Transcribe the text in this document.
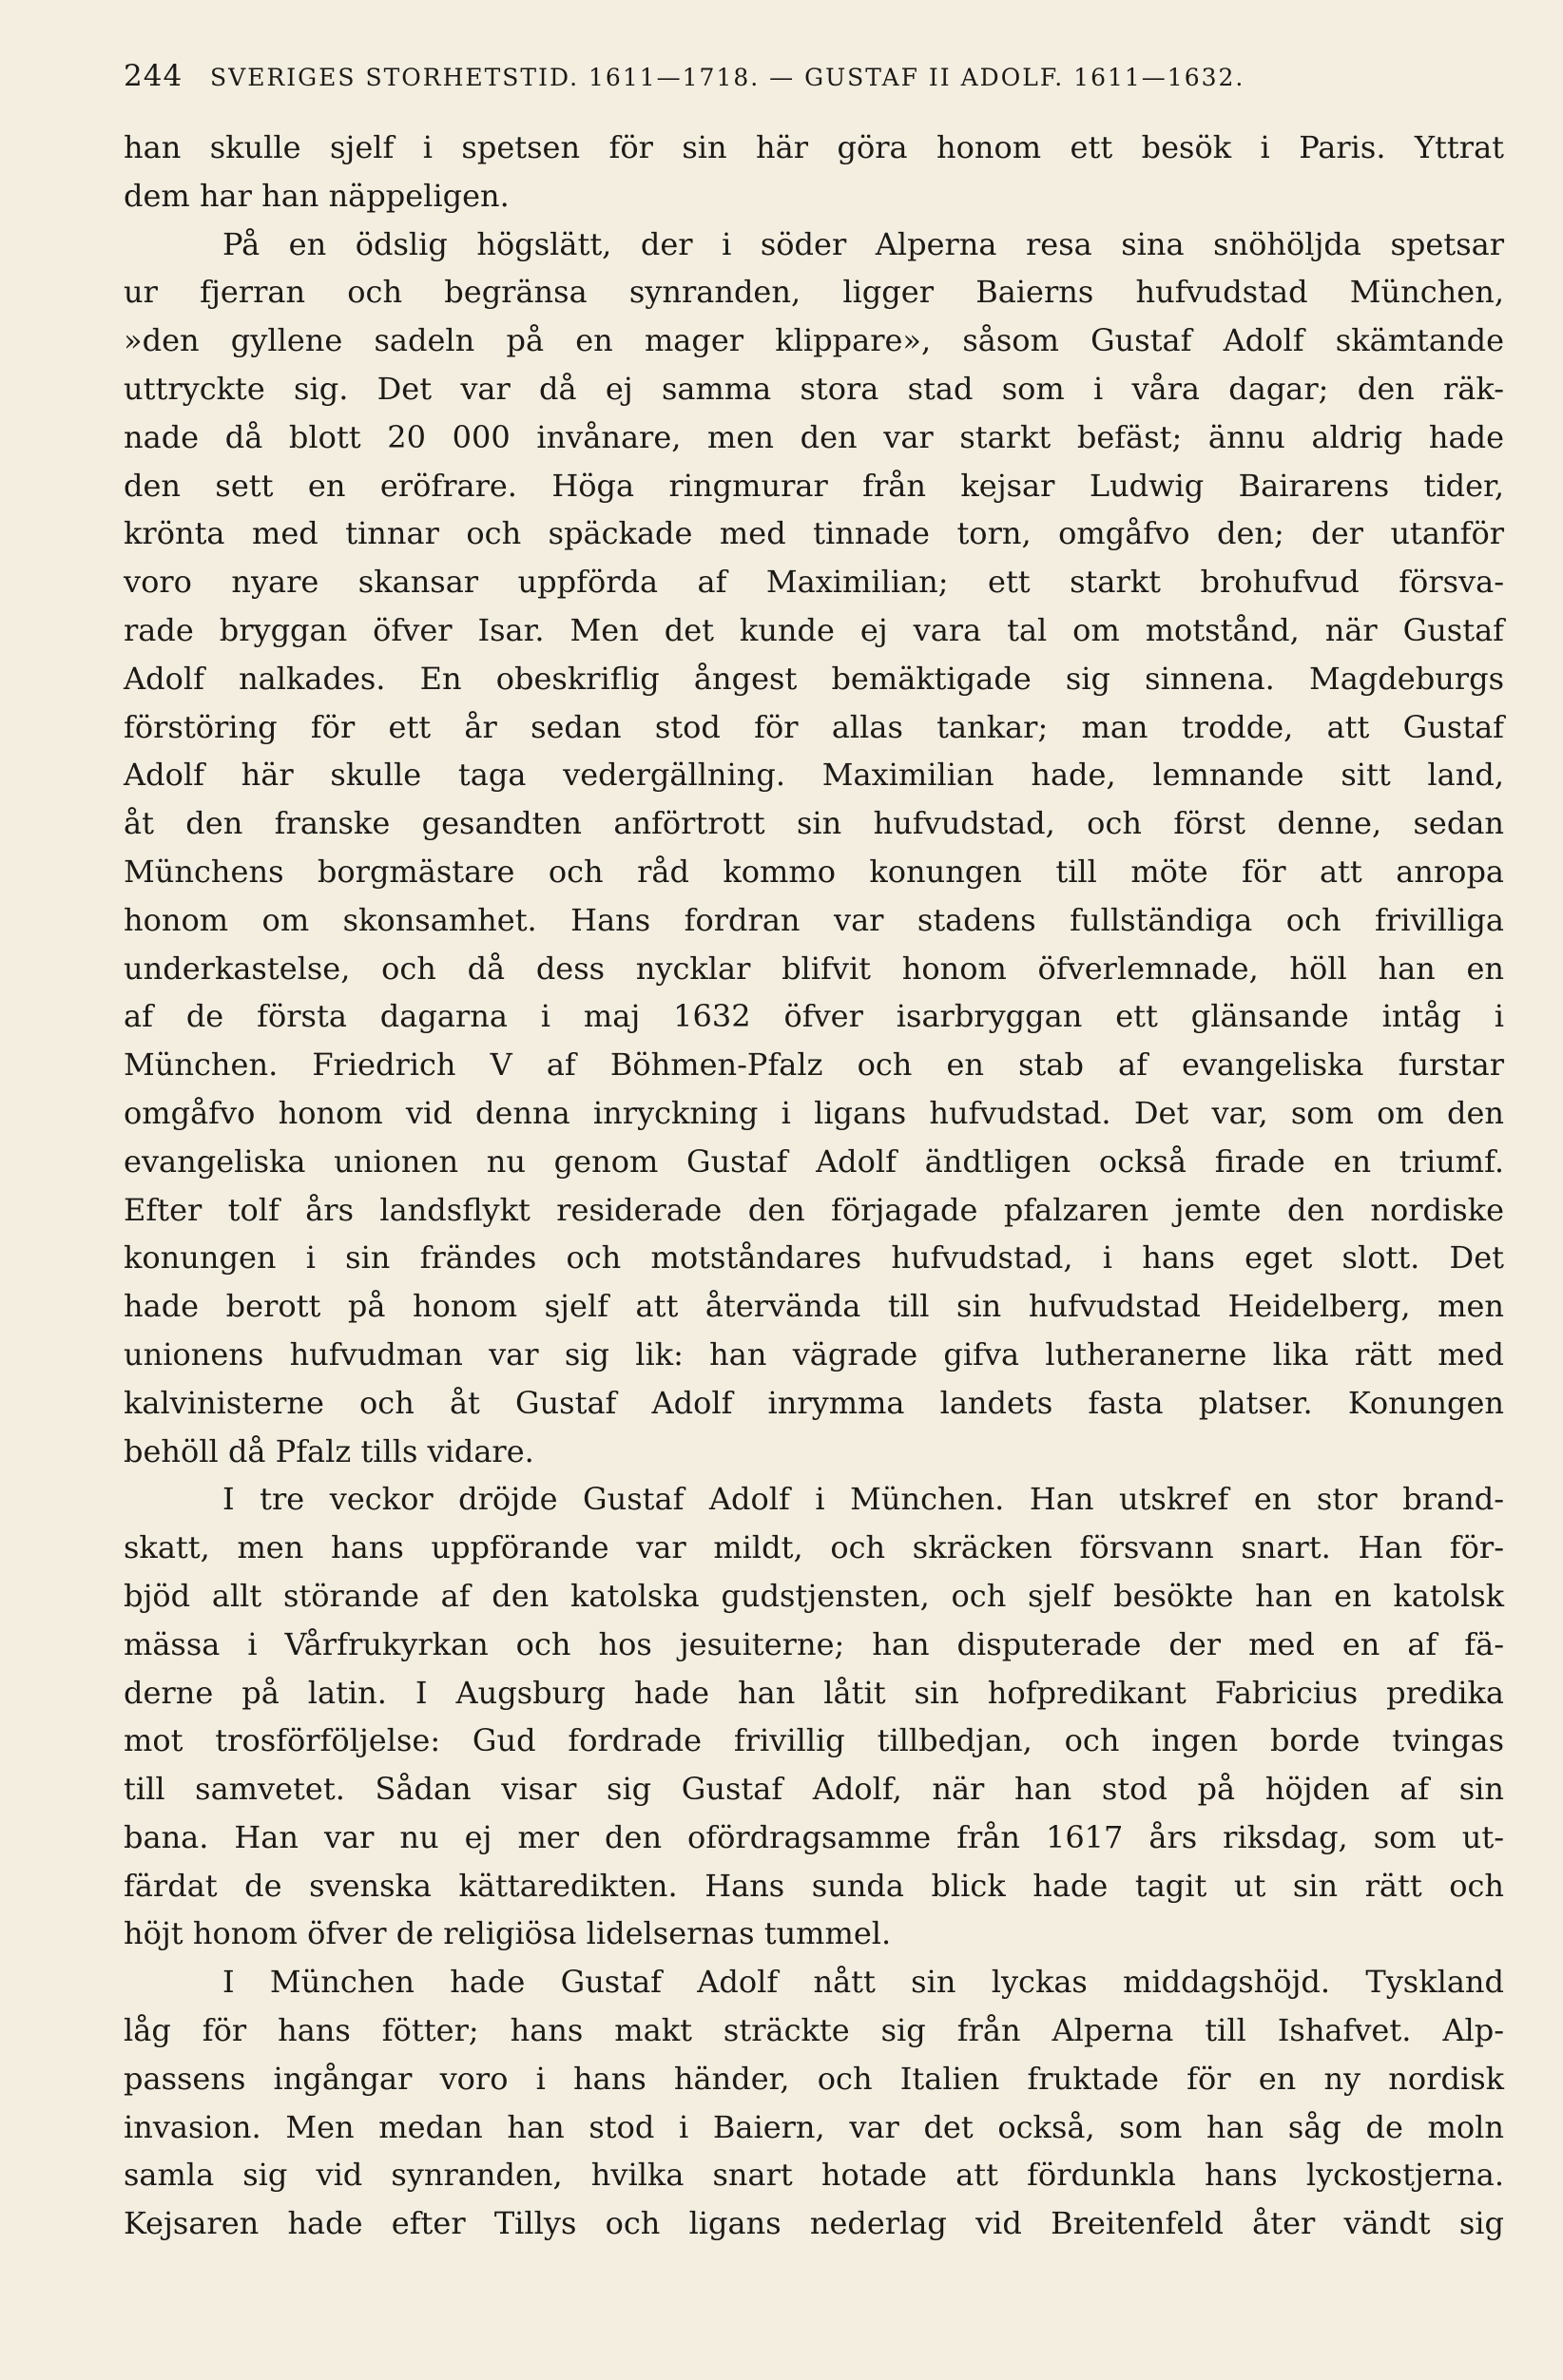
244 SVERIGES STORHETSTID. 1611—1718. — GUSTAF II ADOLF. 1611—1632.
han skulle sjelf i spetsen för sin här göra honom ett besök i Paris. Yttrat
dem har han näppeligen.
På en ödslig högslätt, der i söder Alperna resa sina snöhöljda spetsar
ur fjerran och begränsa synranden, ligger Baierns hufvudstad München,
»den gyllene sadeln på en mager klippare», såsom Gustaf Adolf skämtande
uttryckte sig. Det var då ej samma stora stad som i våra dagar; den räk-
nade då blott 20 000 invånare, men den var starkt befäst; ännu aldrig hade
den sett en eröfrare. Höga ringmurar från kejsar Ludwig Bairarens tider,
krönta med tinnar och späckade med tinnade torn, omgåfvo den; der utanför
voro nyare skansar uppförda af Maximilian; ett starkt brohufvud försva-
rade bryggan öfver Isar. Men det kunde ej vara tal om motstånd, när Gustaf
Adolf nalkades. En obeskriflig ångest bemäktigade sig sinnena. Magdeburgs
förstöring för ett år sedan stod för allas tankar; man trodde, att Gustaf
Adolf här skulle taga vedergällning. Maximilian hade, lemnande sitt land,
åt den franske gesandten anförtrott sin hufvudstad, och först denne, sedan
Münchens borgmästare och råd kommo konungen till möte för att anropa
honom om skonsamhet. Hans fordran var stadens fullständiga och frivilliga
underkastelse, och då dess nycklar blifvit honom öfverlemnade, höll han en
af de första dagarna i maj 1632 öfver isarbryggan ett glänsande intåg i
München. Friedrich V af Böhmen-Pfalz och en stab af evangeliska furstar
omgåfvo honom vid denna inryckning i ligans hufvudstad. Det var, som om den
evangeliska unionen nu genom Gustaf Adolf ändtligen också firade en triumf.
Efter tolf års landsflykt residerade den förjagade pfalzaren jemte den nordiske
konungen i sin frändes och motståndares hufvudstad, i hans eget slott. Det
hade berott på honom sjelf att återvända till sin hufvudstad Heidelberg, men
unionens hufvudman var sig lik: han vägrade gifva lutheranerne lika rätt med
kalvinisterne och åt Gustaf Adolf inrymma landets fasta platser. Konungen
behöll då Pfalz tills vidare.
I tre veckor dröjde Gustaf Adolf i München. Han utskref en stor brand-
skatt, men hans uppförande var mildt, och skräcken försvann snart. Han för-
bjöd allt störande af den katolska gudstjensten, och sjelf besökte han en katolsk
mässa i Vårfrukyrkan och hos jesuiterne; han disputerade der med en af fä-
derne på latin. I Augsburg hade han låtit sin hofpredikant Fabricius predika
mot trosförföljelse: Gud fordrade frivillig tillbedjan, och ingen borde tvingas
till samvetet. Sådan visar sig Gustaf Adolf, när han stod på höjden af sin
bana. Han var nu ej mer den ofördragsamme från 1617 års riksdag, som ut-
färdat de svenska kättaredikten. Hans sunda blick hade tagit ut sin rätt och
höjt honom öfver de religiösa lidelsernas tummel.
I München hade Gustaf Adolf nått sin lyckas middagshöjd. Tyskland
låg för hans fötter; hans makt sträckte sig från Alperna till Ishafvet. Alp-
passens ingångar voro i hans händer, och Italien fruktade för en ny nordisk
invasion. Men medan han stod i Baiern, var det också, som han såg de moln
samla sig vid synranden, hvilka snart hotade att fördunkla hans lyckostjerna.
Kejsaren hade efter Tillys och ligans nederlag vid Breitenfeld åter vändt sig
